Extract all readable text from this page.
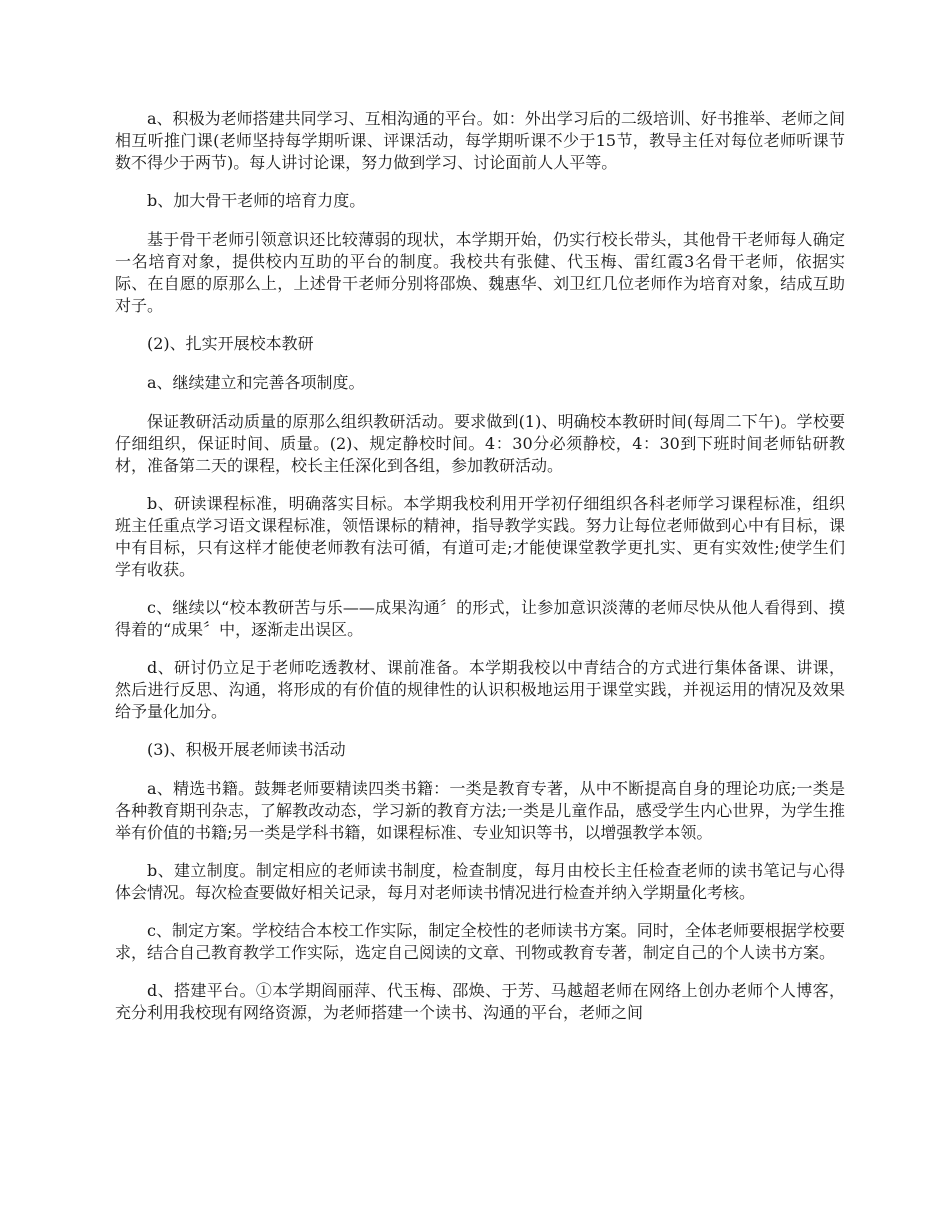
a、积极为老师搭建共同学习、互相沟通的平台。如：外出学习后的二级培训、好书推举、老师之间相互听推门课(老师坚持每学期听课、评课活动，每学期听课不少于15节，教导主任对每位老师听课节数不得少于两节)。每人讲讨论课，努力做到学习、讨论面前人人平等。

b、加大骨干老师的培育力度。

基于骨干老师引领意识还比较薄弱的现状，本学期开始，仍实行校长带头，其他骨干老师每人确定一名培育对象，提供校内互助的平台的制度。我校共有张健、代玉梅、雷红霞3名骨干老师，依据实际、在自愿的原那么上，上述骨干老师分别将邵焕、魏惠华、刘卫红几位老师作为培育对象，结成互助对子。

(2)、扎实开展校本教研

a、继续建立和完善各项制度。

保证教研活动质量的原那么组织教研活动。要求做到(1)、明确校本教研时间(每周二下午)。学校要仔细组织，保证时间、质量。(2)、规定静校时间。4：30分必须静校，4：30到下班时间老师钻研教材，准备第二天的课程，校长主任深化到各组，参加教研活动。

b、研读课程标准，明确落实目标。本学期我校利用开学初仔细组织各科老师学习课程标准，组织班主任重点学习语文课程标准，领悟课标的精神，指导教学实践。努力让每位老师做到心中有目标，课中有目标，只有这样才能使老师教有法可循，有道可走;才能使课堂教学更扎实、更有实效性;使学生们学有收获。

c、继续以“校本教研苦与乐——成果沟通〞的形式，让参加意识淡薄的老师尽快从他人看得到、摸得着的“成果〞中，逐渐走出误区。

d、研讨仍立足于老师吃透教材、课前准备。本学期我校以中青结合的方式进行集体备课、讲课，然后进行反思、沟通，将形成的有价值的规律性的认识积极地运用于课堂实践，并视运用的情况及效果给予量化加分。

(3)、积极开展老师读书活动

a、精选书籍。鼓舞老师要精读四类书籍：一类是教育专著，从中不断提高自身的理论功底;一类是各种教育期刊杂志，了解教改动态，学习新的教育方法;一类是儿童作品，感受学生内心世界，为学生推举有价值的书籍;另一类是学科书籍，如课程标准、专业知识等书，以增强教学本领。

b、建立制度。制定相应的老师读书制度，检查制度，每月由校长主任检查老师的读书笔记与心得体会情况。每次检查要做好相关记录，每月对老师读书情况进行检查并纳入学期量化考核。

c、制定方案。学校结合本校工作实际，制定全校性的老师读书方案。同时，全体老师要根据学校要求，结合自己教育教学工作实际，选定自己阅读的文章、刊物或教育专著，制定自己的个人读书方案。

d、搭建平台。①本学期阎丽萍、代玉梅、邵焕、于芳、马越超老师在网络上创办老师个人博客，充分利用我校现有网络资源，为老师搭建一个读书、沟通的平台，老师之间
